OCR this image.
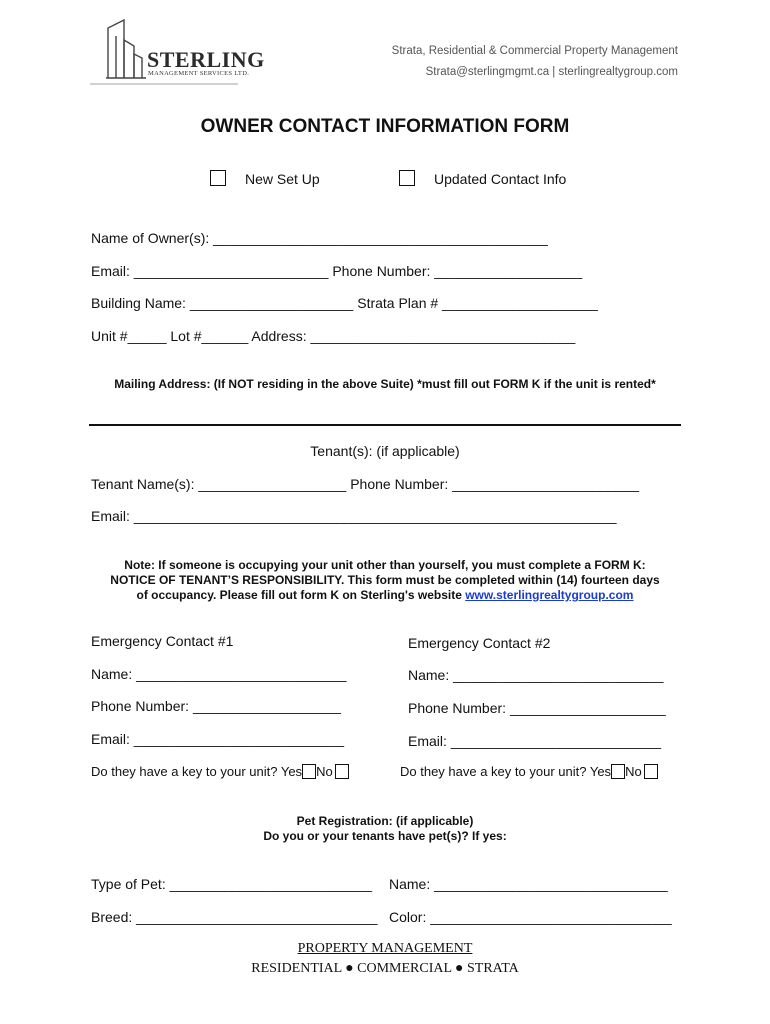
STERLING
MANAGEMENT SERVICES LTD.
Strata, Residential & Commercial Property Management
Strata@sterlingmgmt.ca | sterlingrealtygroup.com
OWNER CONTACT INFORMATION FORM
New Set Up	Updated Contact Info
Name of Owner(s): ___________________________________________
Email: _________________________ Phone Number: ___________________
Building Name: _____________________ Strata Plan # ____________________
Unit #_____ Lot #______ Address: __________________________________
Mailing Address: (If NOT residing in the above Suite) *must fill out FORM K if the unit is rented*
Tenant(s): (if applicable)
Tenant Name(s): ___________________ Phone Number: ________________________
Email: ______________________________________________________________
Note: If someone is occupying your unit other than yourself, you must complete a FORM K:
NOTICE OF TENANT’S RESPONSIBILITY. This form must be completed within (14) fourteen days
of occupancy. Please fill out form K on Sterling's website www.sterlingrealtygroup.com
Emergency Contact #1	Emergency Contact #2
Name: ___________________________	Name: ___________________________
Phone Number: ___________________	Phone Number: ____________________
Email: ___________________________	Email: ___________________________
Do they have a key to your unit? Yes No	Do they have a key to your unit? Yes No
Pet Registration: (if applicable)
Do you or your tenants have pet(s)? If yes:
Type of Pet: __________________________ Name: ______________________________
Breed: _______________________________ Color: _______________________________
PROPERTY MANAGEMENT
RESIDENTIAL ● COMMERCIAL ● STRATA
